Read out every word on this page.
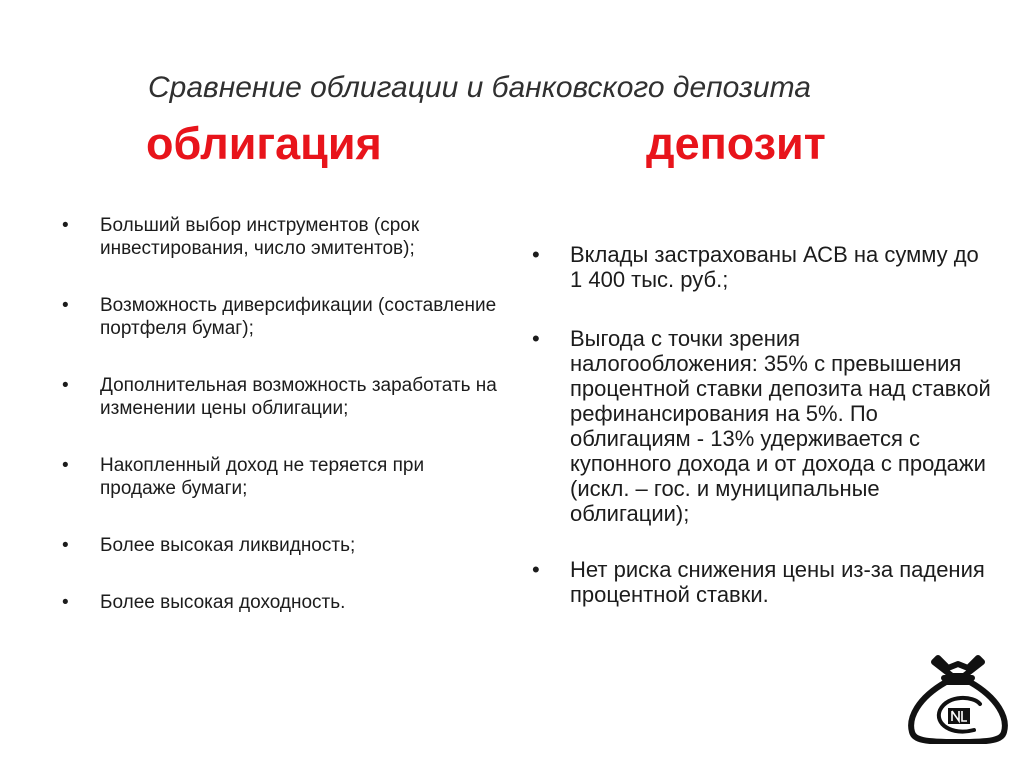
Сравнение облигации и банковского депозита
облигация	депозит
• Больший выбор инструментов (срок инвестирования, число эмитентов);
• Возможность диверсификации (составление портфеля бумаг);
• Дополнительная возможность заработать на изменении цены облигации;
• Накопленный доход не теряется при продаже бумаги;
• Более высокая ликвидность;
• Более высокая доходность.
• Вклады застрахованы АСВ на сумму до 1 400 тыс. руб.;
• Выгода с точки зрения налогообложения: 35% с превышения процентной ставки депозита над ставкой рефинансирования на 5%. По облигациям - 13% удерживается с купонного дохода и от дохода с продажи (искл. – гос. и муниципальные облигации);
• Нет риска снижения цены из-за падения процентной ставки.
